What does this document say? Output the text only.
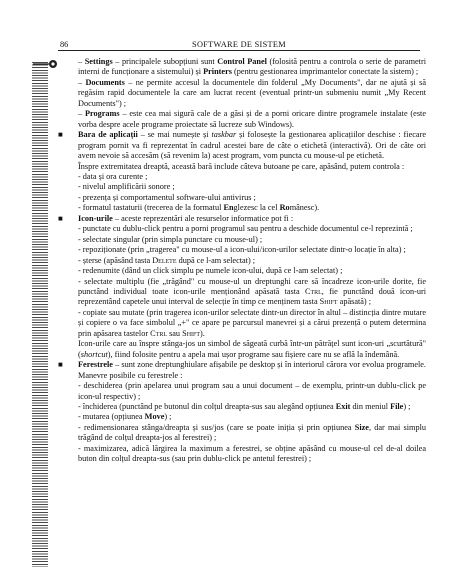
86	SOFTWARE DE SISTEM
– Settings – principalele subopțiuni sunt Control Panel (folosită pentru a controla o serie de parametri interni de funcționare a sistemului) și Printers (pentru gestionarea imprimantelor conectate la sistem) ;
– Documents – ne permite accesul la documentele din folderul „My Documents", dar ne ajută și să regăsim rapid documentele la care am lucrat recent (eventual printr-un submeniu numit „My Recent Documents") ;
– Programs – este cea mai sigură cale de a găsi și de a porni oricare dintre programele instalate (este vorba despre acele programe proiectate să lucreze sub Windows).
■ Bara de aplicații – se mai numește și taskbar și folosește la gestionarea aplicațiilor deschise : fiecare program pornit va fi reprezentat în cadrul acestei bare de câte o etichetă (interactivă). Ori de câte ori avem nevoie să accesăm (să revenim la) acest program, vom puncta cu mouse-ul pe etichetă.
Înspre extremitatea dreaptă, această bară include câteva butoane pe care, apăsând, putem controla :
- data și ora curente ;
- nivelul amplificării sonore ;
- prezența și comportamentul software-ului antivirus ;
- formatul tastaturii (trecerea de la formatul Englezesc la cel Românesc).
■ Icon-urile – aceste reprezentări ale resurselor informatice pot fi :
- punctate cu dublu-click pentru a porni programul sau pentru a deschide documentul ce-l reprezintă ;
- selectate singular (prin simpla punctare cu mouse-ul) ;
- repoziționate (prin „tragerea" cu mouse-ul a icon-ului/icon-urilor selectate dintr-o locație în alta) ;
- șterse (apăsând tasta Delete după ce l-am selectat) ;
- redenumite (dând un click simplu pe numele icon-ului, după ce l-am selectat) ;
- selectate multiplu (fie „trăgând" cu mouse-ul un dreptunghi care să încadreze icon-urile dorite, fie punctând individual toate icon-urile menționând apăsată tasta Ctrl, fie punctând două icon-uri reprezentând capetele unui interval de selecție în timp ce menținem tasta Shift apăsată) ;
- copiate sau mutate (prin tragerea icon-urilor selectate dintr-un director în altul – distincția dintre mutare și copiere o va face simbolul „+" ce apare pe parcursul manevrei și a cărui prezență o putem determina prin apăsarea tastelor Ctrl sau Shift).
Icon-urile care au înspre stânga-jos un simbol de săgeată curbă într-un pătrățel sunt icon-uri „scurtătură" (shortcut), fiind folosite pentru a apela mai ușor programe sau fișiere care nu se află la îndemână.
■ Ferestrele – sunt zone dreptunghiulare afișabile pe desktop și în interiorul cărora vor evolua programele. Manevre posibile cu ferestrele :
- deschiderea (prin apelarea unui program sau a unui document – de exemplu, printr-un dublu-click pe icon-ul respectiv) ;
- închiderea (punctând pe butonul din colțul dreapta-sus sau alegând opțiunea Exit din meniul File) ;
- mutarea (opțiunea Move) ;
- redimensionarea stânga/dreapta și sus/jos (care se poate iniția și prin opțiunea Size, dar mai simplu trăgând de colțul dreapta-jos al ferestrei) ;
- maximizarea, adică lărgirea la maximum a ferestrei, se obține apăsând cu mouse-ul cel de-al doilea buton din colțul dreapta-sus (sau prin dublu-click pe antetul ferestrei) ;
